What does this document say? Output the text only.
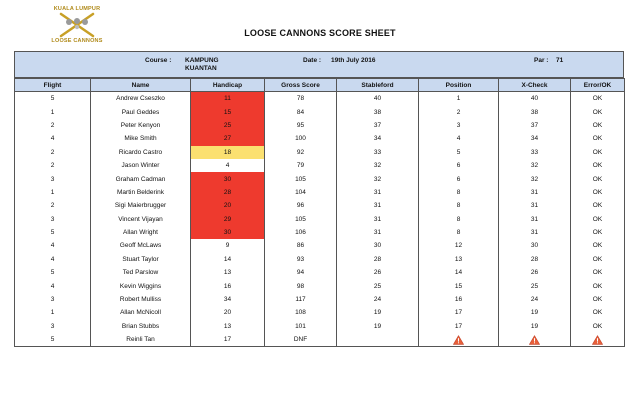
KUALA LUMPUR
LOOSE CANNONS
LOOSE CANNONS SCORE SHEET
Course : KAMPUNG
KUANTAN
Date : 19th July 2016	Par : 71
Flight	Name	Handicap	Gross Score	Stableford	Position	X-Check	Error/OK
5	Andrew Cseszko	11	78	40	1	40	OK
1	Paul Geddes	15	84	38	2	38	OK
2	Peter Kenyon	25	95	37	3	37	OK
4	Mike Smith	27	100	34	4	34	OK
2	Ricardo Castro	18	92	33	5	33	OK
2	Jason Winter	4	79	32	6	32	OK
3	Graham Cadman	30	105	32	6	32	OK
1	Martin Belderink	28	104	31	8	31	OK
2	Sigi Maierbrugger	20	96	31	8	31	OK
3	Vincent Vijayan	29	105	31	8	31	OK
5	Allan Wright	30	106	31	8	31	OK
4	Geoff McLaws	9	86	30	12	30	OK
4	Stuart Taylor	14	93	28	13	28	OK
5	Ted Parslow	13	94	26	14	26	OK
4	Kevin Wiggins	16	98	25	15	25	OK
3	Robert Mulliss	34	117	24	16	24	OK
1	Allan McNicoll	20	108	19	17	19	OK
3	Brian Stubbs	13	101	19	17	19	OK
5	Reinli Tan	17	DNF				
